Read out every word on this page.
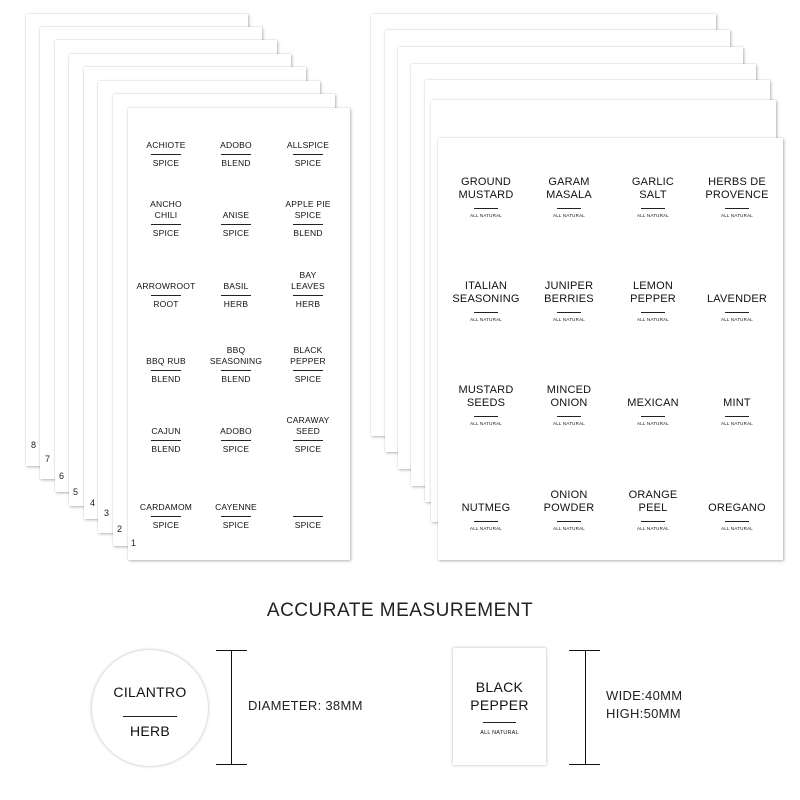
ACHIOTE
SPICE
ADOBO
BLEND
ALLSPICE
SPICE
ANCHO
CHILI
SPICE
ANISE
SPICE
APPLE PIE
SPICE
BLEND
ARROWROOT
ROOT
BASIL
HERB
BAY
LEAVES
HERB
BBQ RUB
BLEND
BBQ
SEASONING
BLEND
BLACK
PEPPER
SPICE
CAJUN
BLEND
ADOBO
SPICE
CARAWAY
SEED
SPICE
CARDAMOM
SPICE
CAYENNE
SPICE	SPICE
GROUND
MUSTARD
ALL NATURAL
GARAM
MASALA
ALL NATURAL
GARLIC
SALT
ALL NATURAL
HERBS DE
PROVENCE
ALL NATURAL
ITALIAN
SEASONING
ALL NATURAL
JUNIPER
BERRIES
ALL NATURAL
LEMON
PEPPER
ALL NATURAL
LAVENDER
ALL NATURAL
MUSTARD
SEEDS
ALL NATURAL
MINCED
ONION
ALL NATURAL
MEXICAN
ALL NATURAL
MINT
ALL NATURAL
NUTMEG
ALL NATURAL
ONION
POWDER
ALL NATURAL
ORANGE
PEEL
ALL NATURAL
OREGANO
ALL NATURAL
ACCURATE MEASUREMENT
CILANTRO
HERB
DIAMETER: 38MM
BLACK
PEPPER
ALL NATURAL
WIDE:40MM
HIGH:50MM
8
7
6
5
4
3
2
1
